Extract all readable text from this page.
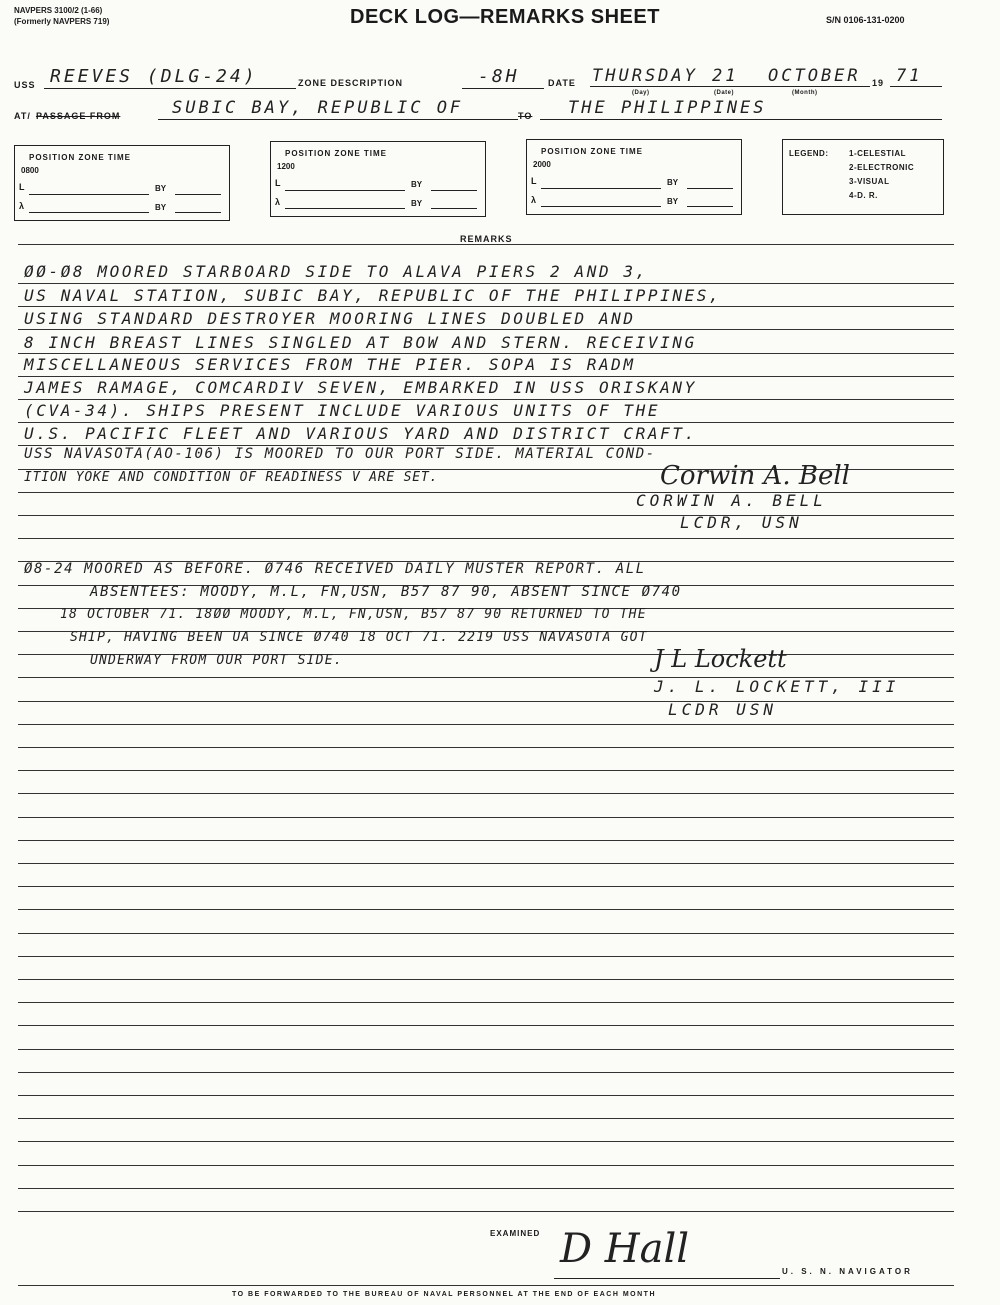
NAVPERS 3100/2 (1-66)
(Formerly NAVPERS 719)	DECK LOG—REMARKS SHEET	S/N 0106-131-0200
USS REEVES (DLG-24)	ZONE DESCRIPTION	-8H	DATE THURSDAY 21 OCTOBER 19 71
(Day)	(Date)	(Month)
AT/ PASSAGE FROM	SUBIC BAY, REPUBLIC OF	TO THE PHILIPPINES
POSITION ZONE TIME
0800
L	BY
λ	BY
POSITION ZONE TIME
1200
L	BY
λ	BY
POSITION ZONE TIME
2000
L	BY
λ	BY
LEGEND:	1-CELESTIAL
2-ELECTRONIC
3-VISUAL
4-D. R.
REMARKS
ØØ-Ø8 MOORED STARBOARD SIDE TO ALAVA PIERS 2 AND 3,
US NAVAL STATION, SUBIC BAY, REPUBLIC OF THE PHILIPPINES,
USING STANDARD DESTROYER MOORING LINES DOUBLED AND
8 INCH BREAST LINES SINGLED AT BOW AND STERN. RECEIVING
MISCELLANEOUS SERVICES FROM THE PIER. SOPA IS RADM
JAMES RAMAGE, COMCARDIV SEVEN, EMBARKED IN USS ORISKANY
(CVA-34). SHIPS PRESENT INCLUDE VARIOUS UNITS OF THE
U.S. PACIFIC FLEET AND VARIOUS YARD AND DISTRICT CRAFT.
USS NAVASOTA(AO-106) IS MOORED TO OUR PORT SIDE. MATERIAL COND-
ITION YOKE AND CONDITION OF READINESS V ARE SET.	Corwin A. Bell
CORWIN A. BELL
LCDR, USN
Ø8-24 MOORED AS BEFORE. Ø746 RECEIVED DAILY MUSTER REPORT. ALL
ABSENTEES: MOODY, M.L, FN,USN, B57 87 90, ABSENT SINCE Ø740
18 OCTOBER 71. 18ØØ MOODY, M.L, FN,USN, B57 87 90 RETURNED TO THE
SHIP, HAVING BEEN UA SINCE Ø740 18 OCT 71. 2219 USS NAVASOTA GOT
UNDERWAY FROM OUR PORT SIDE.	J L Lockett
J. L. LOCKETT, III
LCDR USN
EXAMINED D Hall	U. S. N. NAVIGATOR
TO BE FORWARDED TO THE BUREAU OF NAVAL PERSONNEL AT THE END OF EACH MONTH
